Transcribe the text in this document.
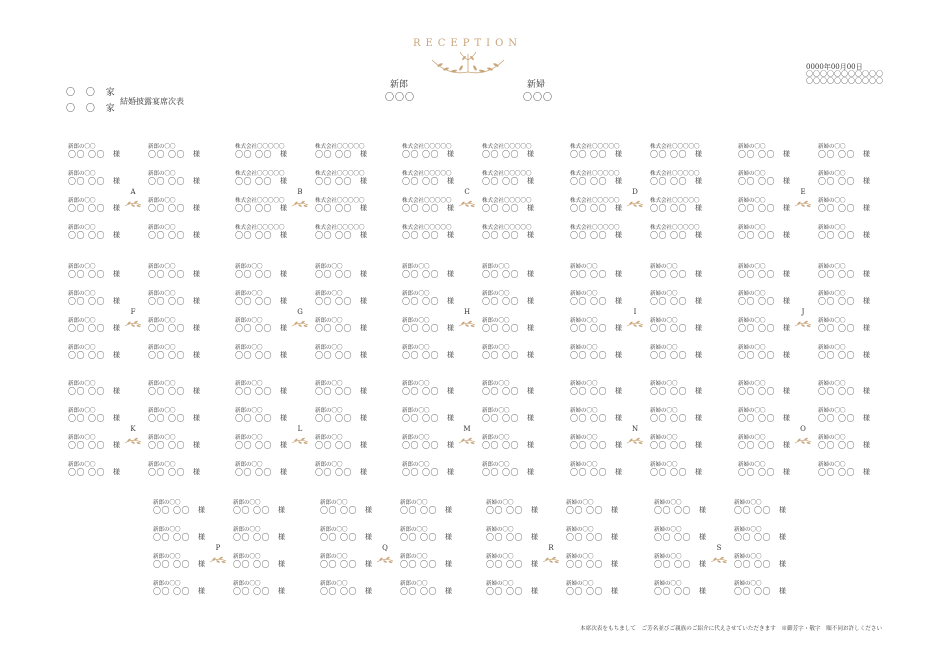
RECEPTION
新郎
〇〇〇
新婦
〇〇〇
0000年00月00日
〇〇〇〇〇〇〇〇〇〇〇
〇〇〇〇〇〇〇〇〇〇〇
〇 〇 家
〇 〇 家
結婚披露宴席次表
新郎の〇〇
〇〇 〇〇 様
新郎の〇〇
〇〇 〇〇 様
新郎の〇〇
〇〇 〇〇 様
新郎の〇〇
〇〇 〇〇 様
新郎の〇〇
〇〇 〇〇 様
新郎の〇〇
〇〇 〇〇 様
新郎の〇〇
〇〇 〇〇 様
新郎の〇〇
〇〇 〇〇 様
A
株式会社〇〇〇〇〇
〇〇 〇〇 様
株式会社〇〇〇〇〇
〇〇 〇〇 様
株式会社〇〇〇〇〇
〇〇 〇〇 様
株式会社〇〇〇〇〇
〇〇 〇〇 様
株式会社〇〇〇〇〇
〇〇 〇〇 様
株式会社〇〇〇〇〇
〇〇 〇〇 様
株式会社〇〇〇〇〇
〇〇 〇〇 様
株式会社〇〇〇〇〇
〇〇 〇〇 様
B
株式会社〇〇〇〇〇
〇〇 〇〇 様
株式会社〇〇〇〇〇
〇〇 〇〇 様
株式会社〇〇〇〇〇
〇〇 〇〇 様
株式会社〇〇〇〇〇
〇〇 〇〇 様
株式会社〇〇〇〇〇
〇〇 〇〇 様
株式会社〇〇〇〇〇
〇〇 〇〇 様
株式会社〇〇〇〇〇
〇〇 〇〇 様
株式会社〇〇〇〇〇
〇〇 〇〇 様
C
株式会社〇〇〇〇〇
〇〇 〇〇 様
株式会社〇〇〇〇〇
〇〇 〇〇 様
株式会社〇〇〇〇〇
〇〇 〇〇 様
株式会社〇〇〇〇〇
〇〇 〇〇 様
株式会社〇〇〇〇〇
〇〇 〇〇 様
株式会社〇〇〇〇〇
〇〇 〇〇 様
株式会社〇〇〇〇〇
〇〇 〇〇 様
株式会社〇〇〇〇〇
〇〇 〇〇 様
D
新婦の〇〇
〇〇 〇〇 様
新婦の〇〇
〇〇 〇〇 様
新婦の〇〇
〇〇 〇〇 様
新婦の〇〇
〇〇 〇〇 様
新婦の〇〇
〇〇 〇〇 様
新婦の〇〇
〇〇 〇〇 様
新婦の〇〇
〇〇 〇〇 様
新婦の〇〇
〇〇 〇〇 様
E
新郎の〇〇
〇〇 〇〇 様
新郎の〇〇
〇〇 〇〇 様
新郎の〇〇
〇〇 〇〇 様
新郎の〇〇
〇〇 〇〇 様
新郎の〇〇
〇〇 〇〇 様
新郎の〇〇
〇〇 〇〇 様
新郎の〇〇
〇〇 〇〇 様
新郎の〇〇
〇〇 〇〇 様
F
新郎の〇〇
〇〇 〇〇 様
新郎の〇〇
〇〇 〇〇 様
新郎の〇〇
〇〇 〇〇 様
新郎の〇〇
〇〇 〇〇 様
新郎の〇〇
〇〇 〇〇 様
新郎の〇〇
〇〇 〇〇 様
新郎の〇〇
〇〇 〇〇 様
新郎の〇〇
〇〇 〇〇 様
G
新郎の〇〇
〇〇 〇〇 様
新郎の〇〇
〇〇 〇〇 様
新郎の〇〇
〇〇 〇〇 様
新郎の〇〇
〇〇 〇〇 様
新郎の〇〇
〇〇 〇〇 様
新郎の〇〇
〇〇 〇〇 様
新郎の〇〇
〇〇 〇〇 様
新郎の〇〇
〇〇 〇〇 様
H
新婦の〇〇
〇〇 〇〇 様
新婦の〇〇
〇〇 〇〇 様
新婦の〇〇
〇〇 〇〇 様
新婦の〇〇
〇〇 〇〇 様
新婦の〇〇
〇〇 〇〇 様
新婦の〇〇
〇〇 〇〇 様
新婦の〇〇
〇〇 〇〇 様
新婦の〇〇
〇〇 〇〇 様
I
新婦の〇〇
〇〇 〇〇 様
新婦の〇〇
〇〇 〇〇 様
新婦の〇〇
〇〇 〇〇 様
新婦の〇〇
〇〇 〇〇 様
新婦の〇〇
〇〇 〇〇 様
新婦の〇〇
〇〇 〇〇 様
新婦の〇〇
〇〇 〇〇 様
新婦の〇〇
〇〇 〇〇 様
J
新郎の〇〇
〇〇 〇〇 様
新郎の〇〇
〇〇 〇〇 様
新郎の〇〇
〇〇 〇〇 様
新郎の〇〇
〇〇 〇〇 様
新郎の〇〇
〇〇 〇〇 様
新郎の〇〇
〇〇 〇〇 様
新郎の〇〇
〇〇 〇〇 様
新郎の〇〇
〇〇 〇〇 様
K
新郎の〇〇
〇〇 〇〇 様
新郎の〇〇
〇〇 〇〇 様
新郎の〇〇
〇〇 〇〇 様
新郎の〇〇
〇〇 〇〇 様
新郎の〇〇
〇〇 〇〇 様
新郎の〇〇
〇〇 〇〇 様
新郎の〇〇
〇〇 〇〇 様
新郎の〇〇
〇〇 〇〇 様
L
新郎の〇〇
〇〇 〇〇 様
新郎の〇〇
〇〇 〇〇 様
新郎の〇〇
〇〇 〇〇 様
新郎の〇〇
〇〇 〇〇 様
新郎の〇〇
〇〇 〇〇 様
新郎の〇〇
〇〇 〇〇 様
新郎の〇〇
〇〇 〇〇 様
新郎の〇〇
〇〇 〇〇 様
M
新婦の〇〇
〇〇 〇〇 様
新婦の〇〇
〇〇 〇〇 様
新婦の〇〇
〇〇 〇〇 様
新婦の〇〇
〇〇 〇〇 様
新婦の〇〇
〇〇 〇〇 様
新婦の〇〇
〇〇 〇〇 様
新婦の〇〇
〇〇 〇〇 様
新婦の〇〇
〇〇 〇〇 様
N
新婦の〇〇
〇〇 〇〇 様
新婦の〇〇
〇〇 〇〇 様
新婦の〇〇
〇〇 〇〇 様
新婦の〇〇
〇〇 〇〇 様
新婦の〇〇
〇〇 〇〇 様
新婦の〇〇
〇〇 〇〇 様
新婦の〇〇
〇〇 〇〇 様
新婦の〇〇
〇〇 〇〇 様
O
新郎の〇〇
〇〇 〇〇 様
新郎の〇〇
〇〇 〇〇 様
新郎の〇〇
〇〇 〇〇 様
新郎の〇〇
〇〇 〇〇 様
新郎の〇〇
〇〇 〇〇 様
新郎の〇〇
〇〇 〇〇 様
新郎の〇〇
〇〇 〇〇 様
新郎の〇〇
〇〇 〇〇 様
P
新郎の〇〇
〇〇 〇〇 様
新郎の〇〇
〇〇 〇〇 様
新郎の〇〇
〇〇 〇〇 様
新郎の〇〇
〇〇 〇〇 様
新郎の〇〇
〇〇 〇〇 様
新郎の〇〇
〇〇 〇〇 様
新郎の〇〇
〇〇 〇〇 様
新郎の〇〇
〇〇 〇〇 様
Q
新婦の〇〇
〇〇 〇〇 様
新婦の〇〇
〇〇 〇〇 様
新婦の〇〇
〇〇 〇〇 様
新婦の〇〇
〇〇 〇〇 様
新婦の〇〇
〇〇 〇〇 様
新婦の〇〇
〇〇 〇〇 様
新婦の〇〇
〇〇 〇〇 様
新婦の〇〇
〇〇 〇〇 様
R
新婦の〇〇
〇〇 〇〇 様
新婦の〇〇
〇〇 〇〇 様
新婦の〇〇
〇〇 〇〇 様
新婦の〇〇
〇〇 〇〇 様
新婦の〇〇
〇〇 〇〇 様
新婦の〇〇
〇〇 〇〇 様
新婦の〇〇
〇〇 〇〇 様
新婦の〇〇
〇〇 〇〇 様
S
本席次表をもちまして　ご芳名並びご親族のご紹介に代えさせていただきます　※御芳字・敬字　順不同お許しください
